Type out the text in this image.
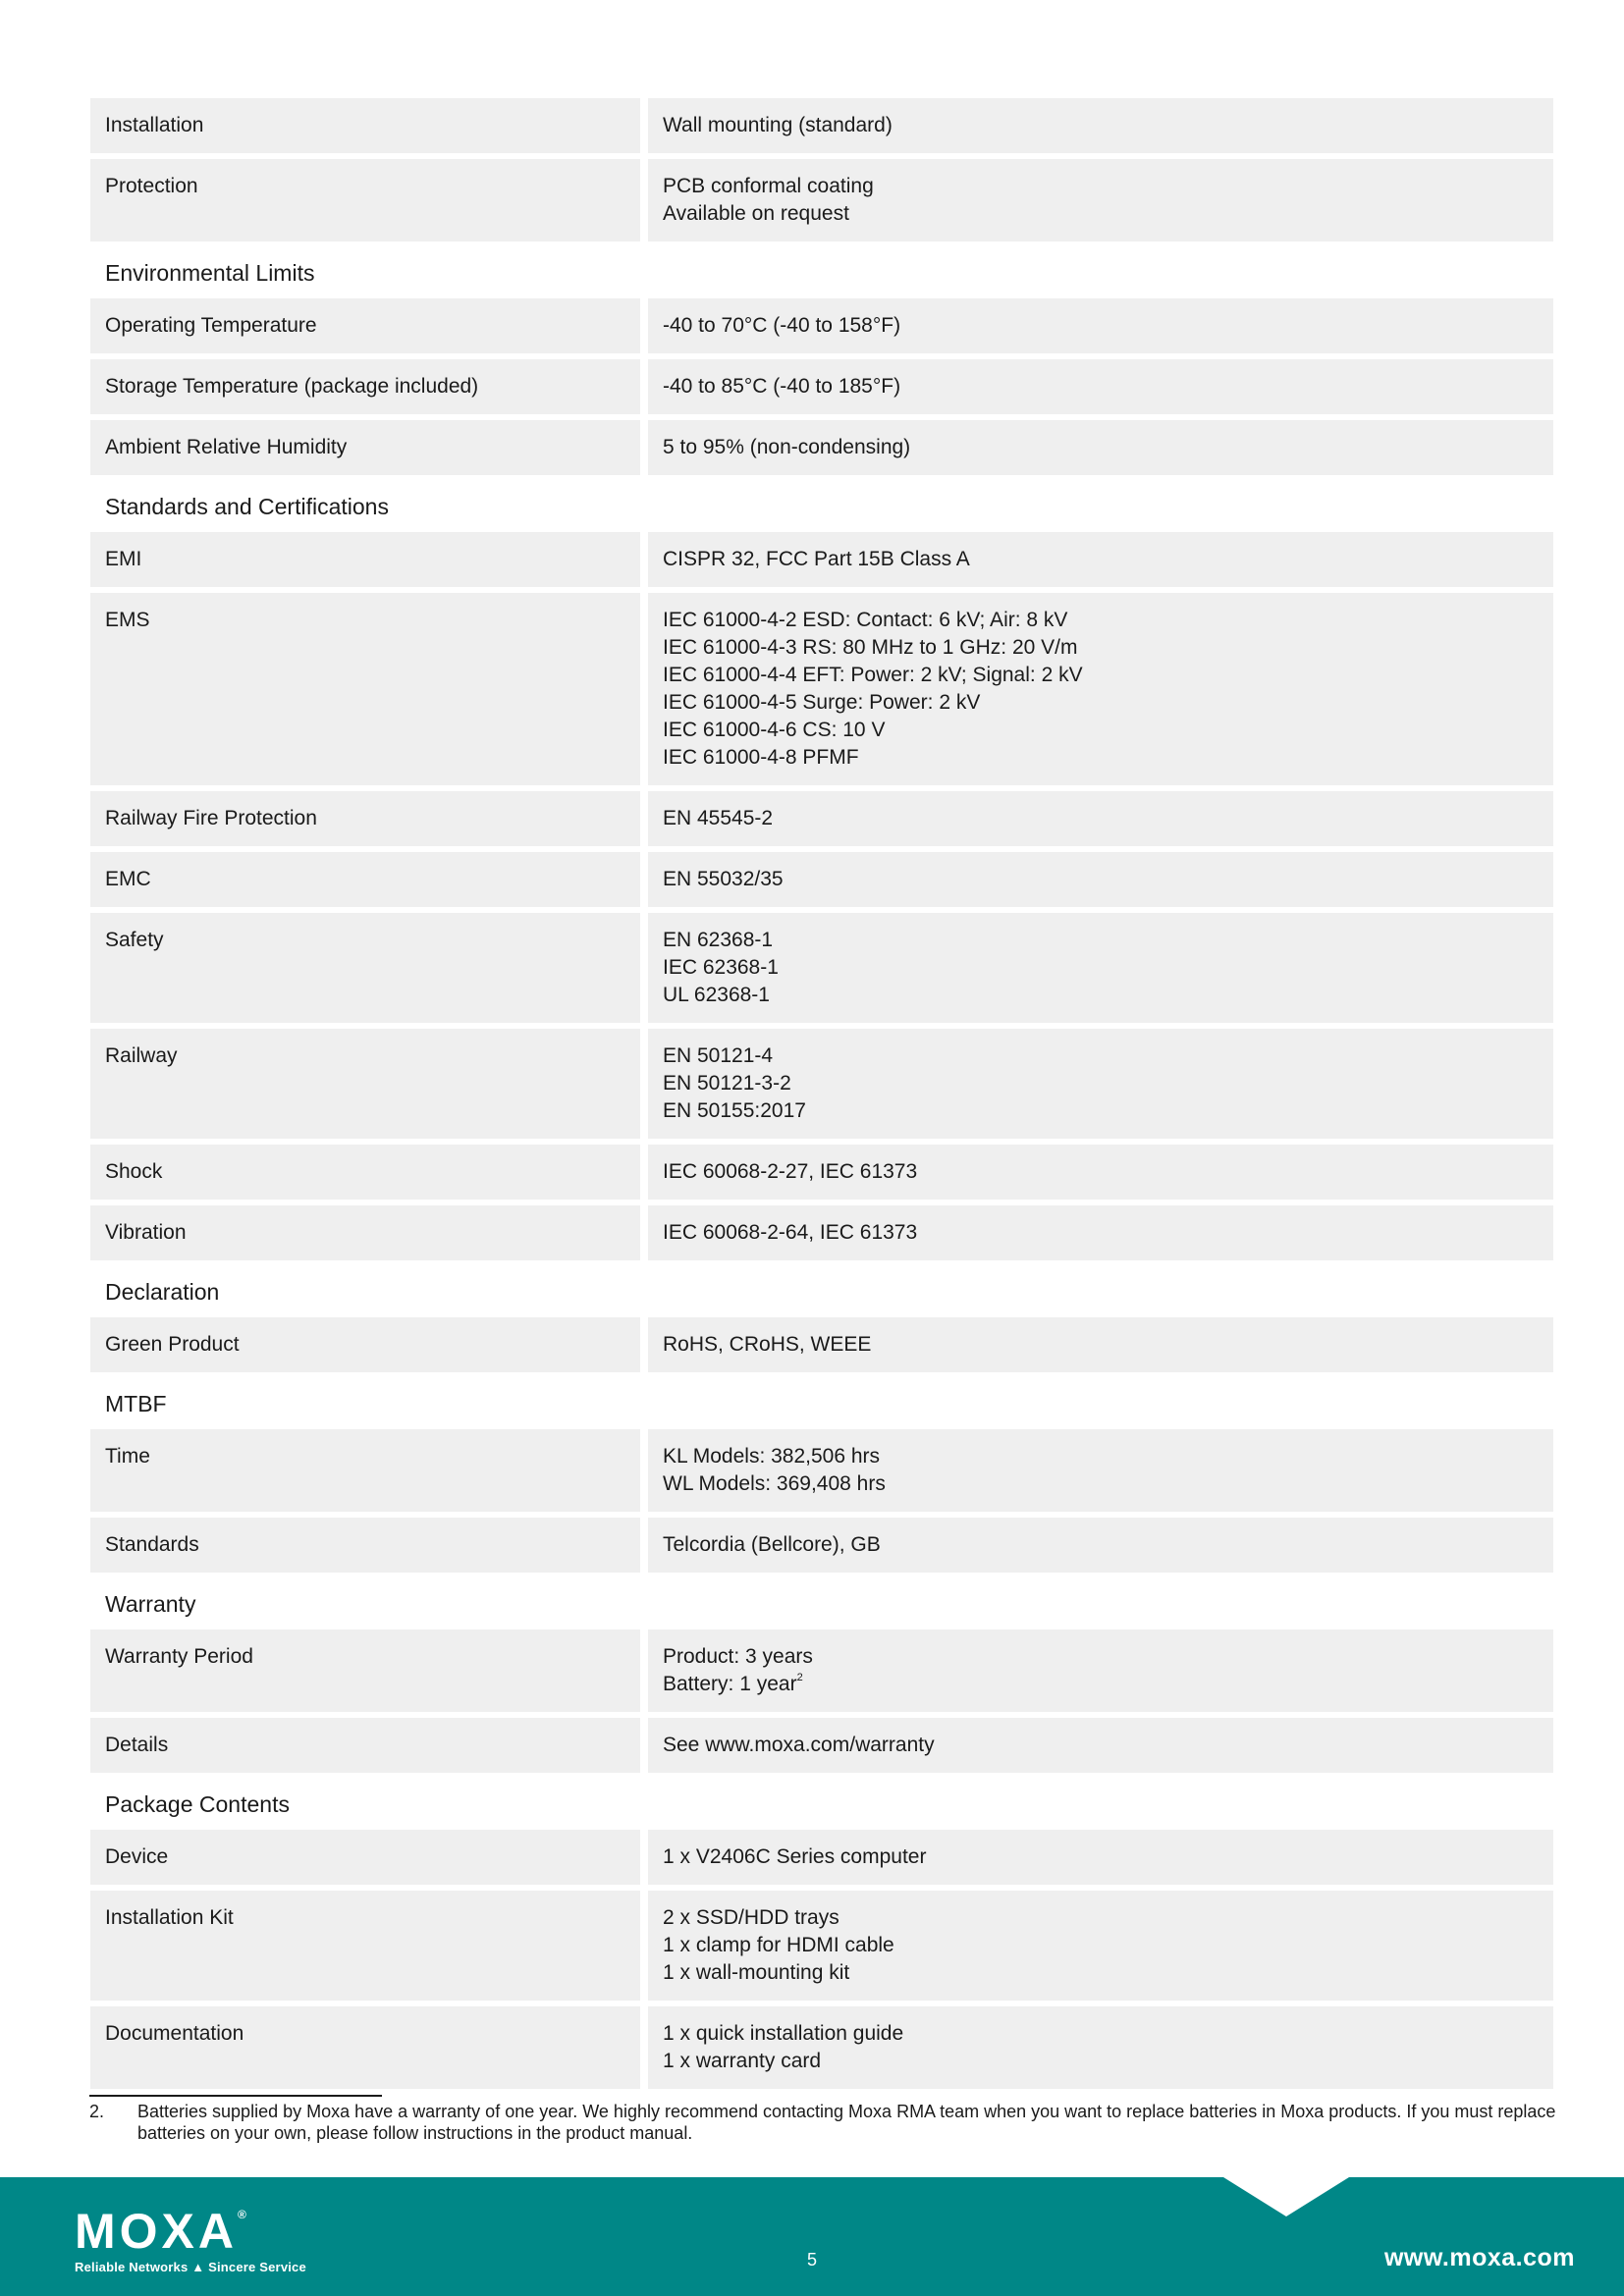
Installation	Wall mounting (standard)
Protection	PCB conformal coating
Available on request
Environmental Limits
Operating Temperature	-40 to 70°C (-40 to 158°F)
Storage Temperature (package included)	-40 to 85°C (-40 to 185°F)
Ambient Relative Humidity	5 to 95% (non-condensing)
Standards and Certifications
EMI	CISPR 32, FCC Part 15B Class A
EMS	IEC 61000-4-2 ESD: Contact: 6 kV; Air: 8 kV
IEC 61000-4-3 RS: 80 MHz to 1 GHz: 20 V/m
IEC 61000-4-4 EFT: Power: 2 kV; Signal: 2 kV
IEC 61000-4-5 Surge: Power: 2 kV
IEC 61000-4-6 CS: 10 V
IEC 61000-4-8 PFMF
Railway Fire Protection	EN 45545-2
EMC	EN 55032/35
Safety	EN 62368-1
IEC 62368-1
UL 62368-1
Railway	EN 50121-4
EN 50121-3-2
EN 50155:2017
Shock	IEC 60068-2-27, IEC 61373
Vibration	IEC 60068-2-64, IEC 61373
Declaration
Green Product	RoHS, CRoHS, WEEE
MTBF
Time	KL Models: 382,506 hrs
WL Models: 369,408 hrs
Standards	Telcordia (Bellcore), GB
Warranty
Warranty Period	Product: 3 years
Battery: 1 year$^2$
Details	See www.moxa.com/warranty
Package Contents
Device	1 x V2406C Series computer
Installation Kit	2 x SSD/HDD trays
1 x clamp for HDMI cable
1 x wall-mounting kit
Documentation	1 x quick installation guide
1 x warranty card
2. Batteries supplied by Moxa have a warranty of one year. We highly recommend contacting Moxa RMA team when you want to replace batteries in Moxa products. If you must replace batteries on your own, please follow instructions in the product manual.
MOXA®
Reliable Networks ▲ Sincere Service	5	www.moxa.com
